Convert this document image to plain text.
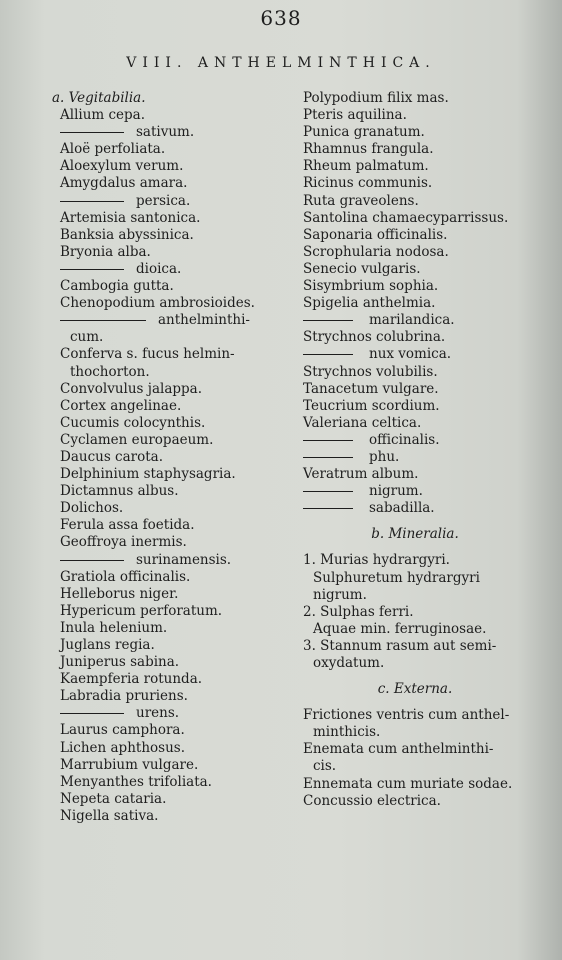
638
VIII. ANTHELMINTHICA.
a. Vegitabilia.
Allium cepa.
sativum.
Aloë perfoliata.
Aloexylum verum.
Amygdalus amara.
persica.
Artemisia santonica.
Banksia abyssinica.
Bryonia alba.
dioica.
Cambogia gutta.
Chenopodium ambrosioides.
anthelminthi-
cum.
Conferva s. fucus helmin-
thochorton.
Convolvulus jalappa.
Cortex angelinae.
Cucumis colocynthis.
Cyclamen europaeum.
Daucus carota.
Delphinium staphysagria.
Dictamnus albus.
Dolichos.
Ferula assa foetida.
Geoffroya inermis.
surinamensis.
Gratiola officinalis.
Helleborus niger.
Hypericum perforatum.
Inula helenium.
Juglans regia.
Juniperus sabina.
Kaempferia rotunda.
Labradia pruriens.
urens.
Laurus camphora.
Lichen aphthosus.
Marrubium vulgare.
Menyanthes trifoliata.
Nepeta cataria.
Nigella sativa.
Polypodium filix mas.
Pteris aquilina.
Punica granatum.
Rhamnus frangula.
Rheum palmatum.
Ricinus communis.
Ruta graveolens.
Santolina chamaecyparrissus.
Saponaria officinalis.
Scrophularia nodosa.
Senecio vulgaris.
Sisymbrium sophia.
Spigelia anthelmia.
marilandica.
Strychnos colubrina.
nux vomica.
Strychnos volubilis.
Tanacetum vulgare.
Teucrium scordium.
Valeriana celtica.
officinalis.
phu.
Veratrum album.
nigrum.
sabadilla.
b. Mineralia.
1. Murias hydrargyri.
Sulphuretum hydrargyri
nigrum.
2. Sulphas ferri.
Aquae min. ferruginosae.
3. Stannum rasum aut semi-
oxydatum.
c. Externa.
Frictiones ventris cum anthel-
minthicis.
Enemata cum anthelminthi-
cis.
Ennemata cum muriate sodae.
Concussio electrica.
